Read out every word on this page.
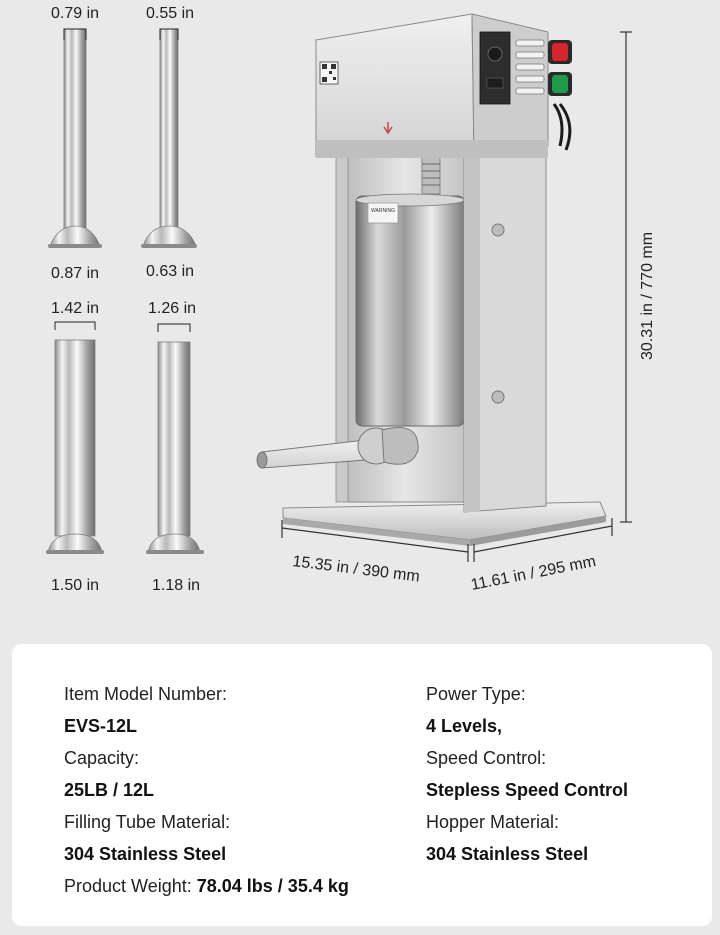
WARNING
30.31 in / 770 mm
15.35 in / 390 mm	11.61 in / 295 mm
0.79 in
0.87 in
0.55 in
0.63 in
1.42 in
1.50 in
1.26 in
1.18 in
Item Model Number:
EVS-12L
Capacity:
25LB / 12L
Filling Tube Material:
304 Stainless Steel
Product Weight: 78.04 lbs / 35.4 kg
Power Type:
4 Levels,
Speed Control:
Stepless Speed Control
Hopper Material:
304 Stainless Steel
